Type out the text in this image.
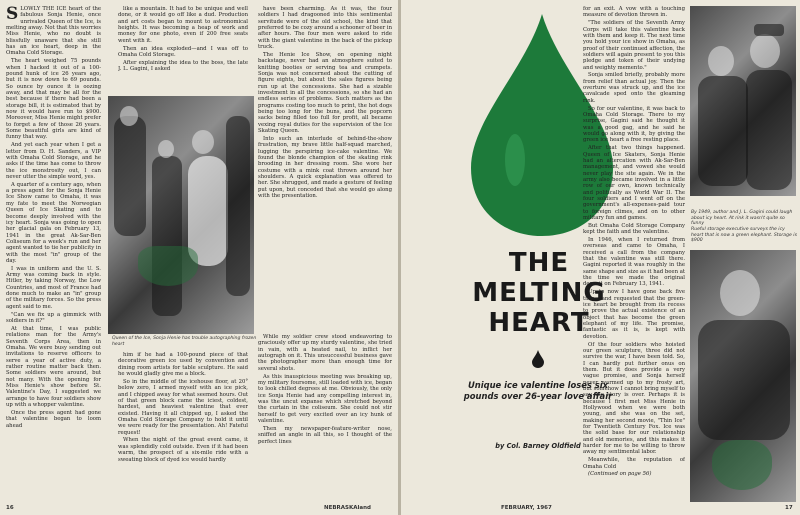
SLOWLY THE ICE heart of the fabulous Sonja Henie, once unrivaled Queen of the Ice, is melting away. Not that this worries Miss Henie, who no doubt is blissfully unaware that she still has an ice heart, deep in the Omaha Cold Storage.

The heart weighed 75 pounds when I hacked it out of a 100-pound hunk of ice 26 years ago, but it is now down to 69 pounds. So ounce by ounce it is oozing away, and that may be all for the best because if there had been a storage bill, it is estimated that by now it would have run to $900. Moreover, Miss Henie might prefer to forget a few of those 26 years. Some beautiful girls are kind of funny that way.

And yet each year when I get a letter from D. H. Sanders, a VIP with Omaha Cold Storage, and he asks if the time has come to throw the ice monstrosity out, I can never utter the simple word, yes.

A quarter of a century ago, when a press agent for the Sonja Henie Ice Show came to Omaha, it was my fate to meet the Norwegian Queen of Ice Skating and to become deeply involved with the icy heart. Sonja was going to open her glacial gala on February 13, 1941 in the great Ak-Sar-Ben Coliseum for a week's run and her agent wanted to tie her publicity in with the most "in" group of the day.

I was in uniform and the U. S. Army was coming back in style. Hitler, by taking Norway, the Low Countries, and most of France had done much to make an "in" group of the military forces. So the press agent said to me.

"Can we fix up a gimmick with soldiers in it?"

At that time, I was public relations man for the Army's Seventh Corps Area, then in Omaha. We were busy sending out invitations to reserve officers to serve a year of active duty, a rather routine matter back then. Some soldiers were around, but not many. With the opening for Miss Henie's show before St. Valentine's Day, I suggested we arrange to have four soldiers show up with a whopper valentine.

Once the press agent had gone that valentine began to loom ahead

like a mountain. It had to be unique and well done, or it would go off like a dud. Production and art costs began to mount to astronomical heights. It was becoming a heap of work and money for one photo, even if 200 free seats went with it.

Then an idea exploded—and I was off to Omaha Cold Storage.

After explaining the idea to the boss, the late J. L. Gagini, I asked

have been charming. As it was, the four soldiers I had dragooned into this sentimental servitude were of the old school, the kind that preferred to be cozy around a schooner of beer in after hours. The four men were asked to ride with the giant valentine in the back of the pickup truck.

The Henie Ice Show, on opening night backstage, never had an atmosphere suited to knitting booties or serving tea and crumpets. Sonja was not concerned about the cutting of figure eights, but about the sales figures being run up at the concessions. She had a sizable investment in all the concessions, so she had an endless series of problems. Such matters as the programs costing too much to print, the hot dogs being too long for the buns, and the popcorn sacks being filled too full for profit, all became vexing royal duties for the supervision of the Ice Skating Queen.

Into such an interlude of behind-the-show frustration, my brave little half-squad marched, lugging the perspiring ice-cake valentine. We found the blonde champion of the skating rink brooding in her dressing room. She wore her costume with a mink coat thrown around her shoulders. A quick explanation was offered to her. She shrugged, and made a gesture of feeling put upon, but conceded that she would go along with the presentation.

Queen of the Ice, Sonja Henie has trouble autographing frozen heart

him if he had a 100-pound piece of that decorative green ice used by convention and dining room artists for table sculpture. He said he would gladly give me a block.

So in the middle of the icehouse floor, at 20° below zero, I armed myself with an ice pick, and I chipped away for what seemed hours. Out of that green block came the iciest, coldest, hardest, and heaviest valentine that ever existed. Having it all chipped up, I asked the Omaha Cold Storage Company to hold it until we were ready for the presentation. Ah! Fateful request!

When the night of the great event came, it was splendidly cold outside. Even if it had been warm, the prospect of a six-mile ride with a sweating block of dyed ice would hardly

While my soldier crew stood endeavoring to graciously offer up my sturdy valentine, she tried in vain, with a heated nail, to inflict her autograph on it. This unsuccessful business gave the photographer more than enough time for several shots.

As this inauspicious meeting was breaking up, my military foursome, still loaded with ice, began to look chilled degrees at me. Obviously, the only ice Sonja Henie had any compelling interest in, was the uncut expanse which stretched beyond the curtain in the coliseum. She could not stir herself to get very excited over an icy hunk of valentine.

Then my newspaper-feature-writer nose, sniffed an angle in all this, so I thought of the perfect lines

16	NEBRASKAland
THE
MELTING
HEART
Unique ice valentine loses six pounds over 26-year love affair
by Col. Barney Oldfield

for an exit. A vow with a touching measure of devotion thrown in.

"The soldiers of the Seventh Army Corps will take this valentine back with them and keep it. The next time you hold your ice show in Omaha, as proof of their continued affection, the soldiers will again present to you this pledge and token of their undying and weighty memento."

Sonja smiled briefly, probably more from relief than actual joy. Then the overture was struck up, and the ice cavalcade sped onto the gleaming rink.

So for our valentine, it was back to Omaha Cold Storage. There to my surprise, Gagini said he thought it was a good gag, and he said he would go along with it, by giving the green ice heart a free resting place.

After that two things happened. Queen of Ice Skaters, Sonja Henie had an altercation with Ak-Sar-Ben management, and vowed she would never play the site again. We in the army also became involved in a little row of our own, known technically and politically as World War II. The four soldiers and I went off on the government's all-expenses-paid tour to foreign climes, and on to other military fun and games.

But Omaha Cold Storage Company kept the faith and the valentine.

In 1946, when I returned from overseas and came to Omaha, I received a call from the company that the valentine was still there. Gagini reported it was roughly in the same shape and size as it had been at the time we made the original deposit on February 13, 1941.

Up to now I have gone back five times, and requested that the green-ice heart be brought from its recess to prove the actual existence of an object that has become the green elephant of my life. The promise, fantastic as it is, is kept with devotion.

Of the four soldiers who hoisted our green sculpture, three did not survive the war, I have been told. So, I can hardly put further onus on them. But it does provide a very vague promise, and Sonja herself never warmed up to my frosty art, but somehow I cannot bring myself to say the story is over. Perhaps it is because I first met Miss Henie in Hollywood when we were both young, and she was on the set, making her second movie, "Thin Ice" for Twentieth Century Fox. Ice was the solid base for our relationship and old memories, and this makes it harder for me to be willing to throw away my sentimental labor.

Meanwhile, the reputation of Omaha Cold

(Continued on page 56)

By 1949, author and J. L. Gagini could laugh about icy heart. At rink it wasn't quite so funny
Rueful storage executive surveys the icy heart that is now a green elephant. Storage is $900
FEBRUARY, 1967	17
